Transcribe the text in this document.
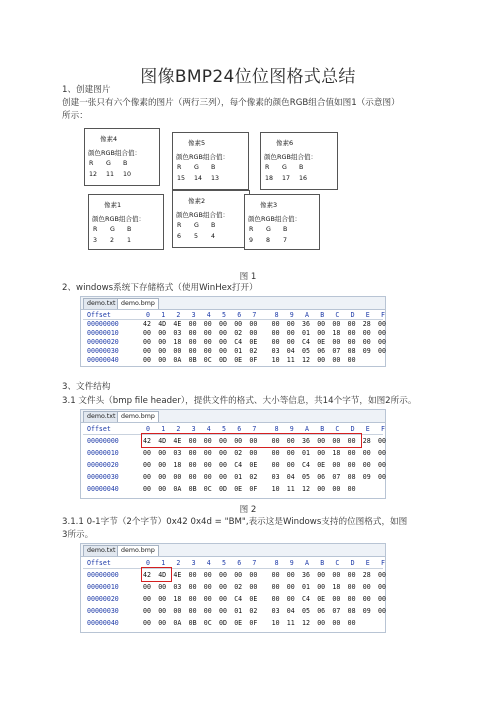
图像BMP24位位图格式总结
1、创建图片
创建一张只有六个像素的图片（两行三列），每个像素的颜色RGB组合值如图1（示意图）
所示：
像素4
颜色RGB组合值：
R	G	B
12	11	10
像素5
颜色RGB组合值：
R	G	B
15	14	13
像素6
颜色RGB组合值：
R	G	B
18	17	16
像素1
颜色RGB组合值：
R	G	B
3	2	1
像素2
颜色RGB组合值：
R	G	B
6	5	4
像素3
颜色RGB组合值：
R	G	B
9	8	7
图 1
2、windows系统下存储格式（使用WinHex打开）
demo.txt demo.bmp
Offset	0 1 2 3 4 5 6 7	8 9 A B C D E F
00000000	42 4D 4E 00 00 00 00 00 00 00 36 00 00 00 28 00
00000010	00 00 03 00 00 00 02 00 00 00 01 00 18 00 00 00
00000020	00 00 18 00 00 00 C4 0E 00 00 C4 0E 00 00 00 00
00000030	00 00 00 00 00 00 01 02 03 04 05 06 07 08 09 00
00000040	00 00 0A 0B 0C 0D 0E 0F 10 11 12 00 00 00
3、文件结构
3.1 文件头（bmp file header），提供文件的格式、大小等信息，共14个字节，如图2所示。
demo.txt demo.bmp
Offset	0 1 2 3 4 5 6 7	8 9 A B C D E F
00000000	42 4D 4E 00 00 00 00 00 00 00 36 00 00 00 28 00
00000010	00 00 03 00 00 00 02 00 00 00 01 00 18 00 00 00
00000020	00 00 18 00 00 00 C4 0E 00 00 C4 0E 00 00 00 00
00000030	00 00 00 00 00 00 01 02 03 04 05 06 07 08 09 00
00000040	00 00 0A 0B 0C 0D 0E 0F 10 11 12 00 00 00
图 2
3.1.1 0-1字节（2个字节）0x42 0x4d = "BM",表示这是Windows支持的位图格式，如图
3所示。
demo.txt demo.bmp
Offset	0 1 2 3 4 5 6 7	8 9 A B C D E F
00000000	42 4D 4E 00 00 00 00 00 00 00 36 00 00 00 28 00
00000010	00 00 03 00 00 00 02 00 00 00 01 00 18 00 00 00
00000020	00 00 18 00 00 00 C4 0E 00 00 C4 0E 00 00 00 00
00000030	00 00 00 00 00 00 01 02 03 04 05 06 07 08 09 00
00000040	00 00 0A 0B 0C 0D 0E 0F 10 11 12 00 00 00
